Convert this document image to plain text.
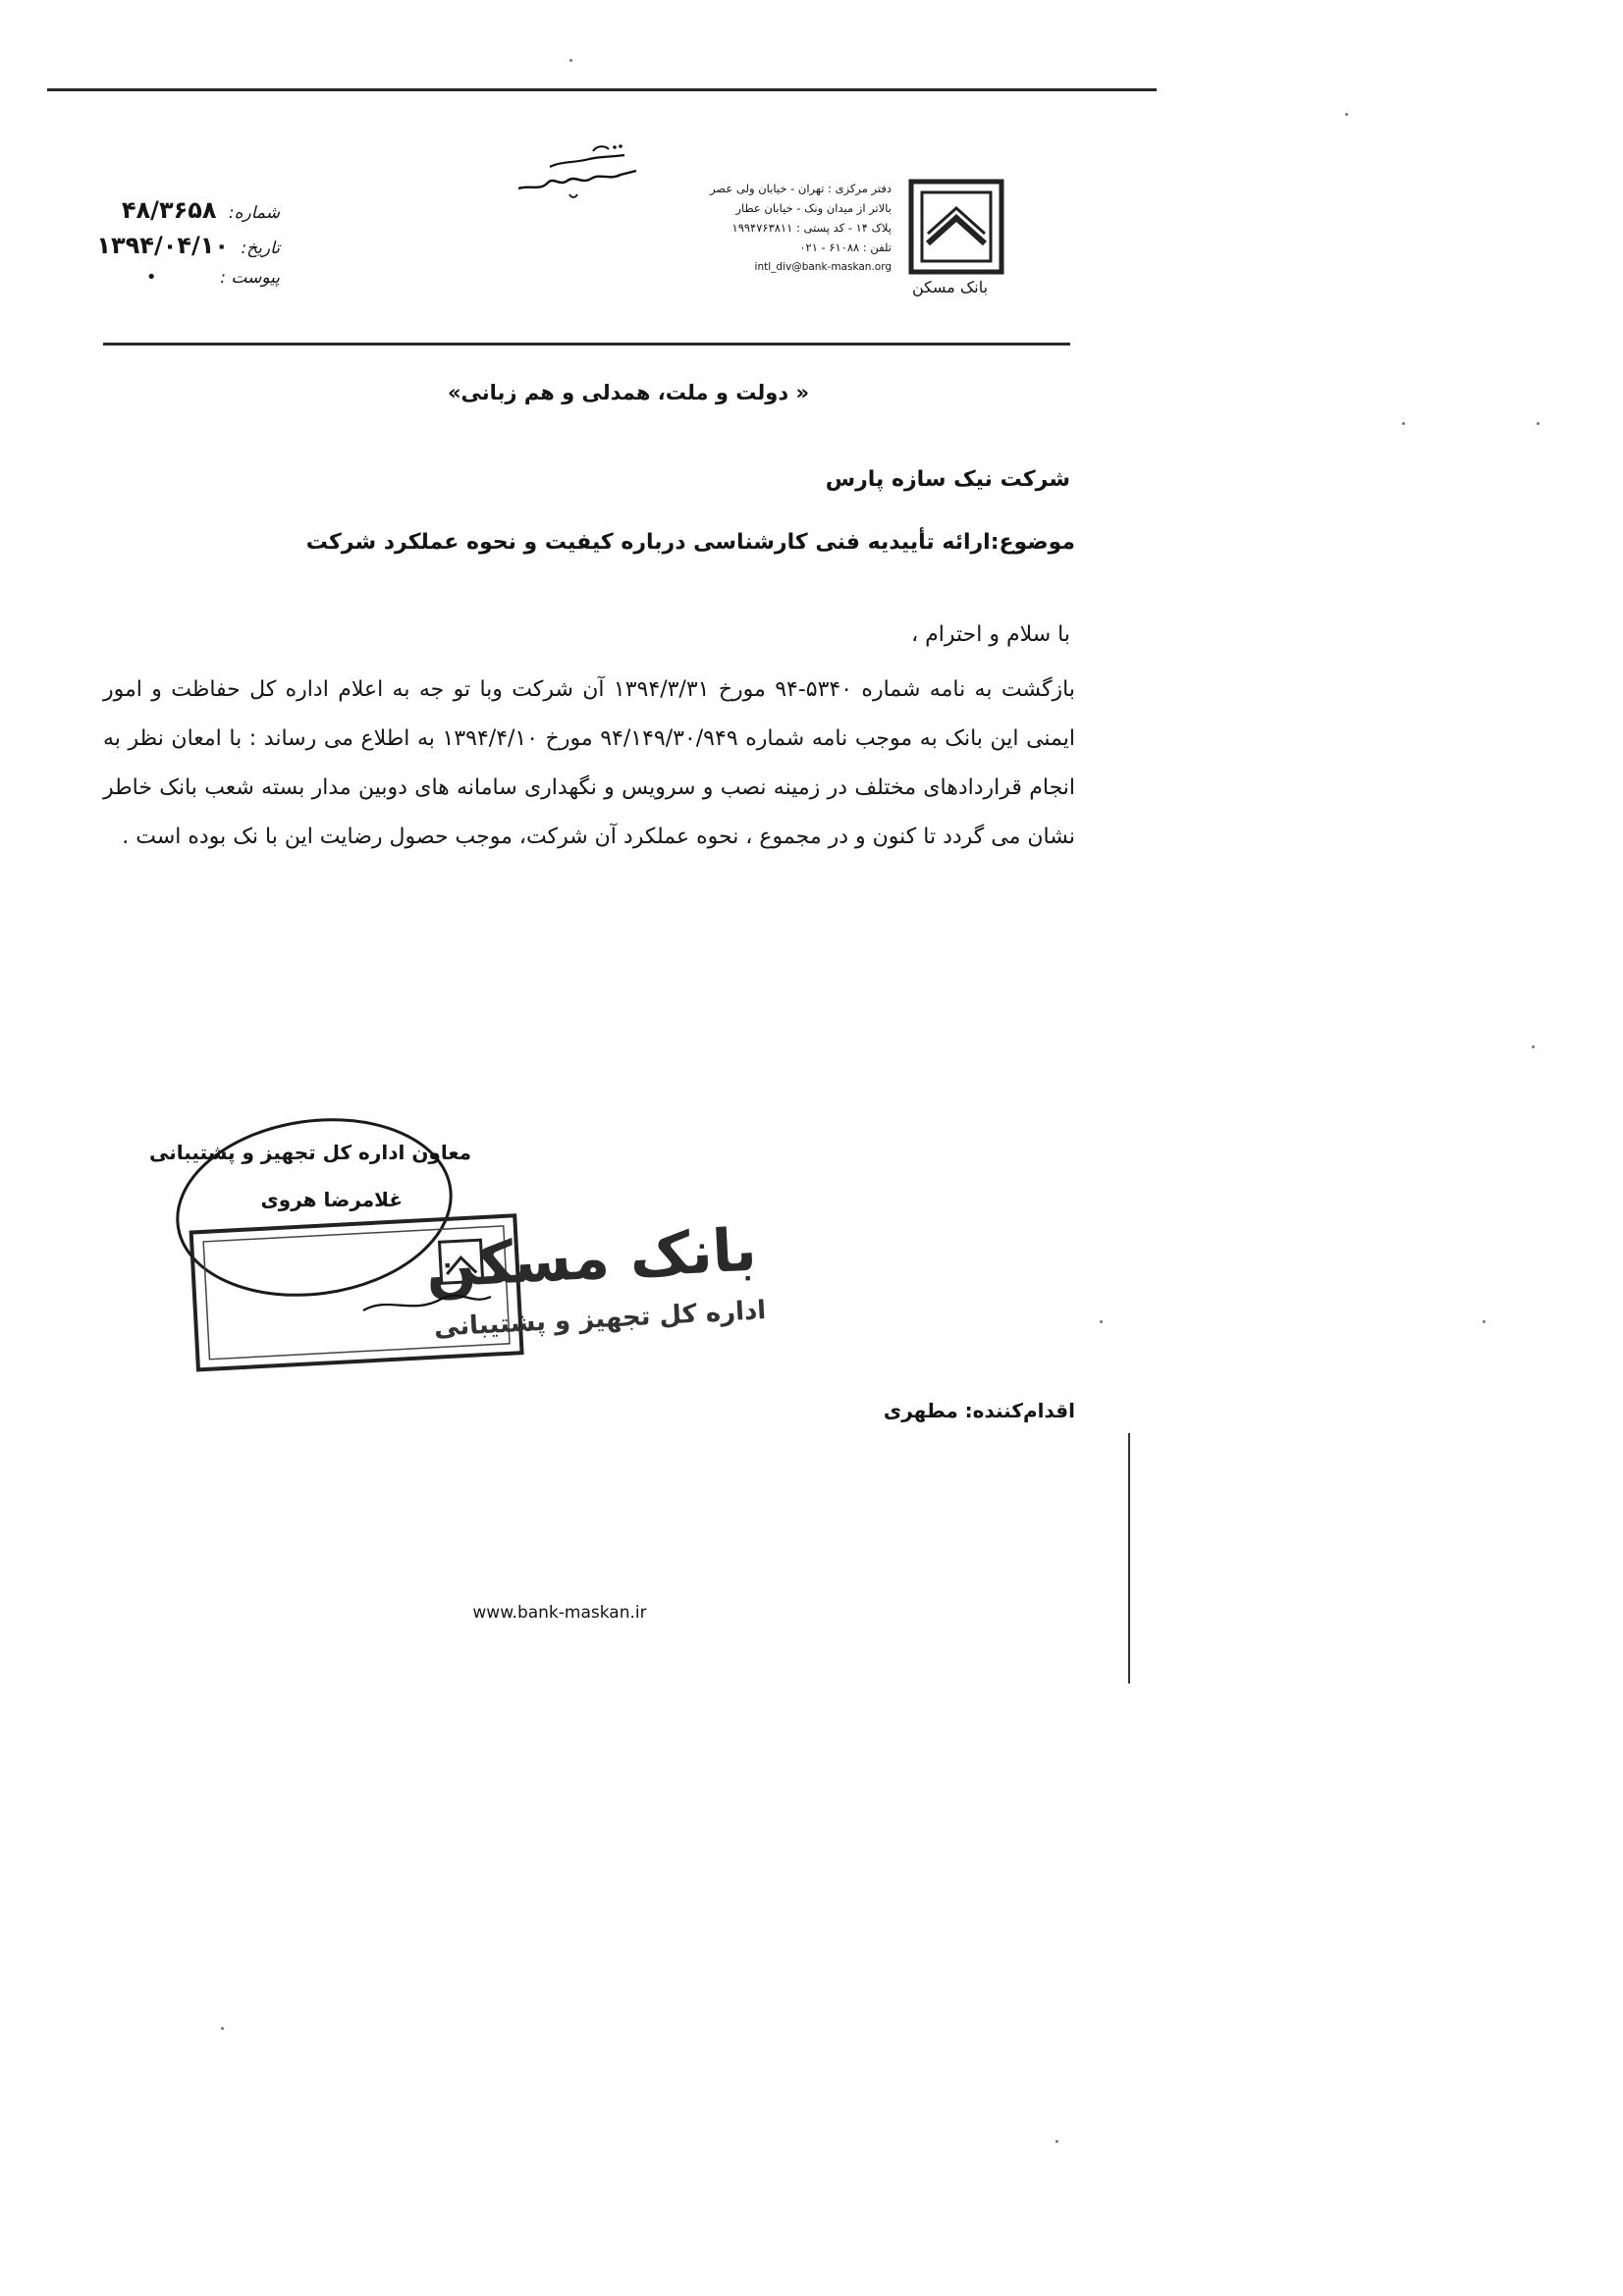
بانک مسکن
دفتر مرکزی : تهران - خیابان ولی عصر
بالاتر از میدان ونک - خیابان عطار
پلاک ۱۴ - کد پستی : ۱۹۹۴۷۶۳۸۱۱
تلفن : ۶۱۰۸۸ - ۰۲۱
intl_div@bank-maskan.org
شماره: ۴۸/۳۶۵۸
تاریخ: ۱۳۹۴/۰۴/۱۰
پیوست : •
« دولت و ملت، همدلی و هم زبانی»
شرکت نیک سازه پارس
موضوع:ارائه تأییدیه فنی کارشناسی درباره کیفیت و نحوه عملکرد شرکت
با سلام و احترام ،
بازگشت به نامه شماره ۵۳۴۰-۹۴ مورخ ۱۳۹۴/۳/۳۱ آن شرکت وبا تو جه به اعلام اداره کل حفاظت و امور ایمنی این بانک به موجب نامه شماره ۹۴/۱۴۹/۳۰/۹۴۹ مورخ ۱۳۹۴/۴/۱۰ به اطلاع می رساند : با امعان نظر به انجام قراردادهای مختلف در زمینه نصب و سرویس و نگهداری سامانه های دوبین مدار بسته شعب بانک خاطر نشان می گردد تا کنون و در مجموع ، نحوه عملکرد آن شرکت، موجب حصول رضایت این با نک بوده است .
بانک مسکن
اداره کل تجهیز و پشتیبانی
معاون اداره کل تجهیز و پشتیبانی
غلامرضا هروی
اقدام‌کننده: مطهری
www.bank-maskan.ir
